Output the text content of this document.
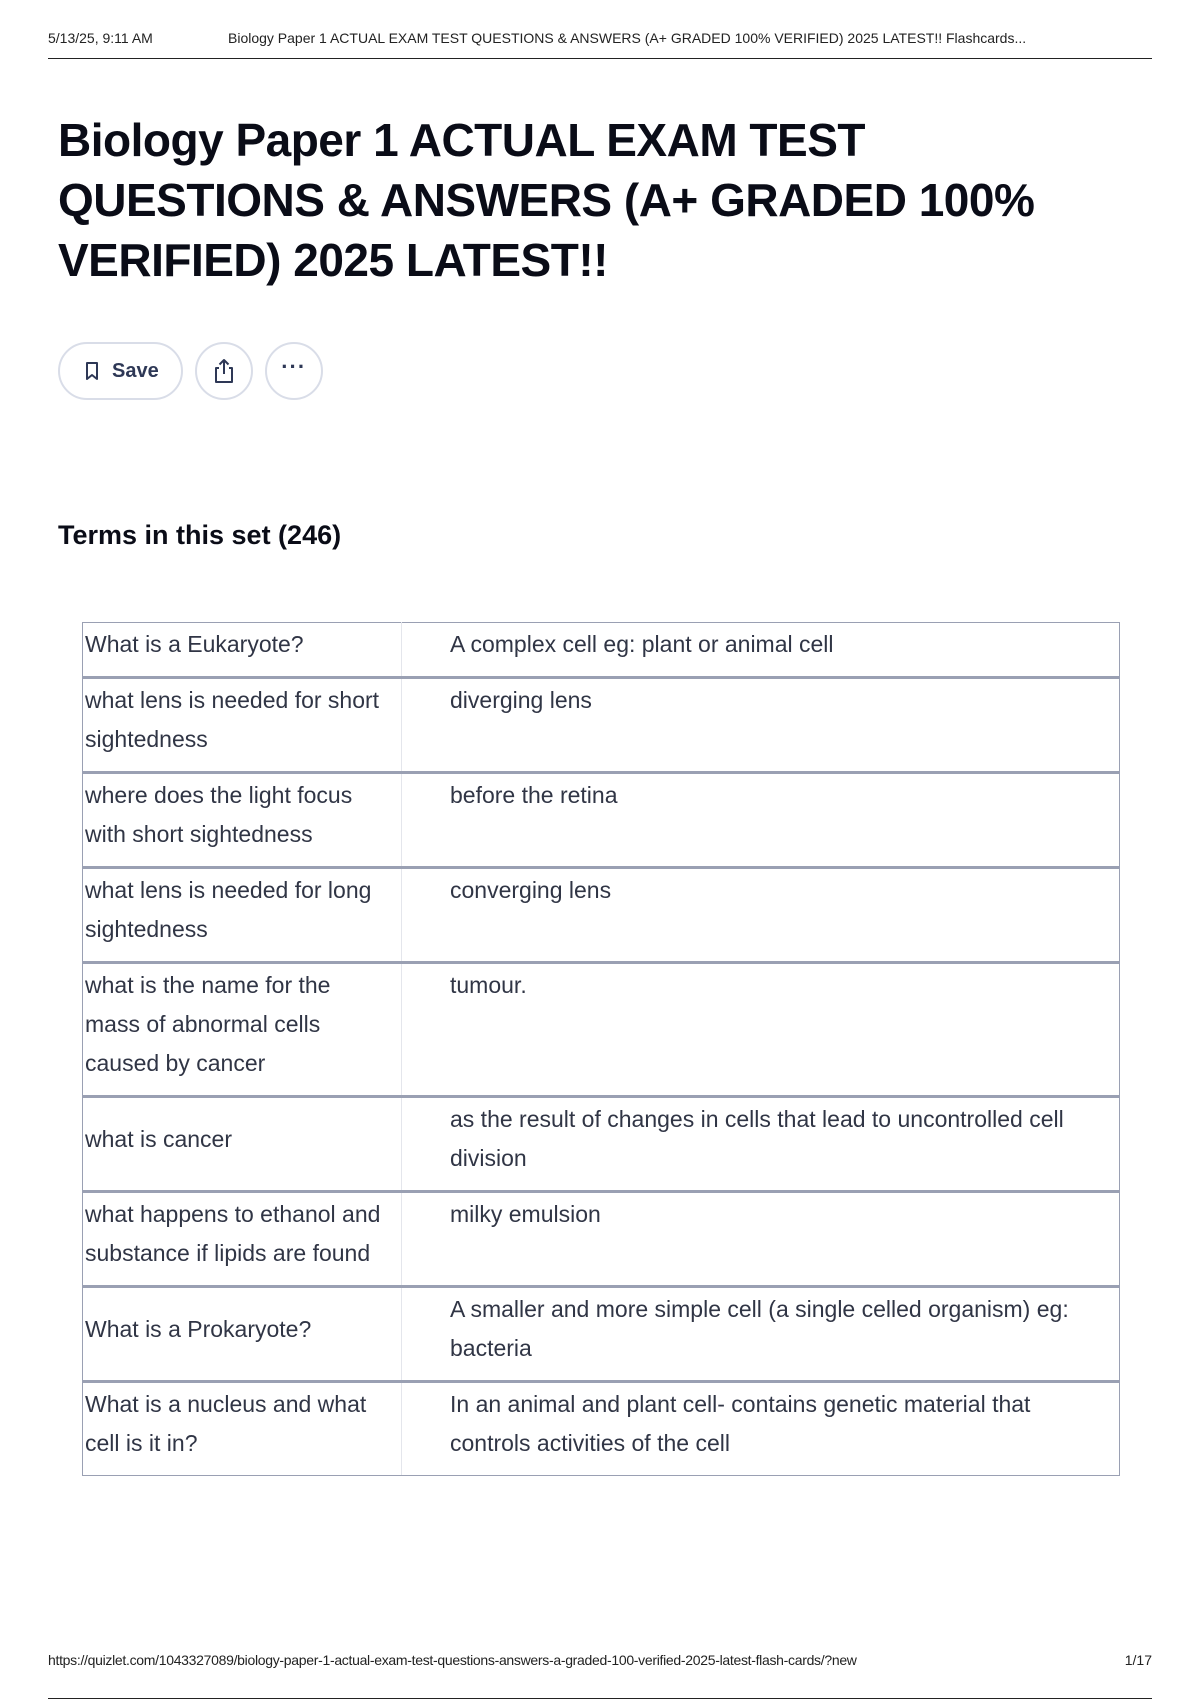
5/13/25, 9:11 AM	Biology Paper 1 ACTUAL EXAM TEST QUESTIONS & ANSWERS (A+ GRADED 100% VERIFIED) 2025 LATEST!! Flashcards...
Biology Paper 1 ACTUAL EXAM TEST QUESTIONS & ANSWERS (A+ GRADED 100% VERIFIED) 2025 LATEST!!
Save	···
Terms in this set (246)
What is a Eukaryote?	A complex cell eg: plant or animal cell
what lens is needed for short sightedness	diverging lens
where does the light focus with short sightedness	before the retina
what lens is needed for long sightedness	converging lens
what is the name for the mass of abnormal cells caused by cancer	tumour.
what is cancer	as the result of changes in cells that lead to uncontrolled cell division
what happens to ethanol and substance if lipids are found	milky emulsion
What is a Prokaryote?	A smaller and more simple cell (a single celled organism) eg: bacteria
What is a nucleus and what cell is it in?	In an animal and plant cell- contains genetic material that controls activities of the cell
https://quizlet.com/1043327089/biology-paper-1-actual-exam-test-questions-answers-a-graded-100-verified-2025-latest-flash-cards/?new	1/17
